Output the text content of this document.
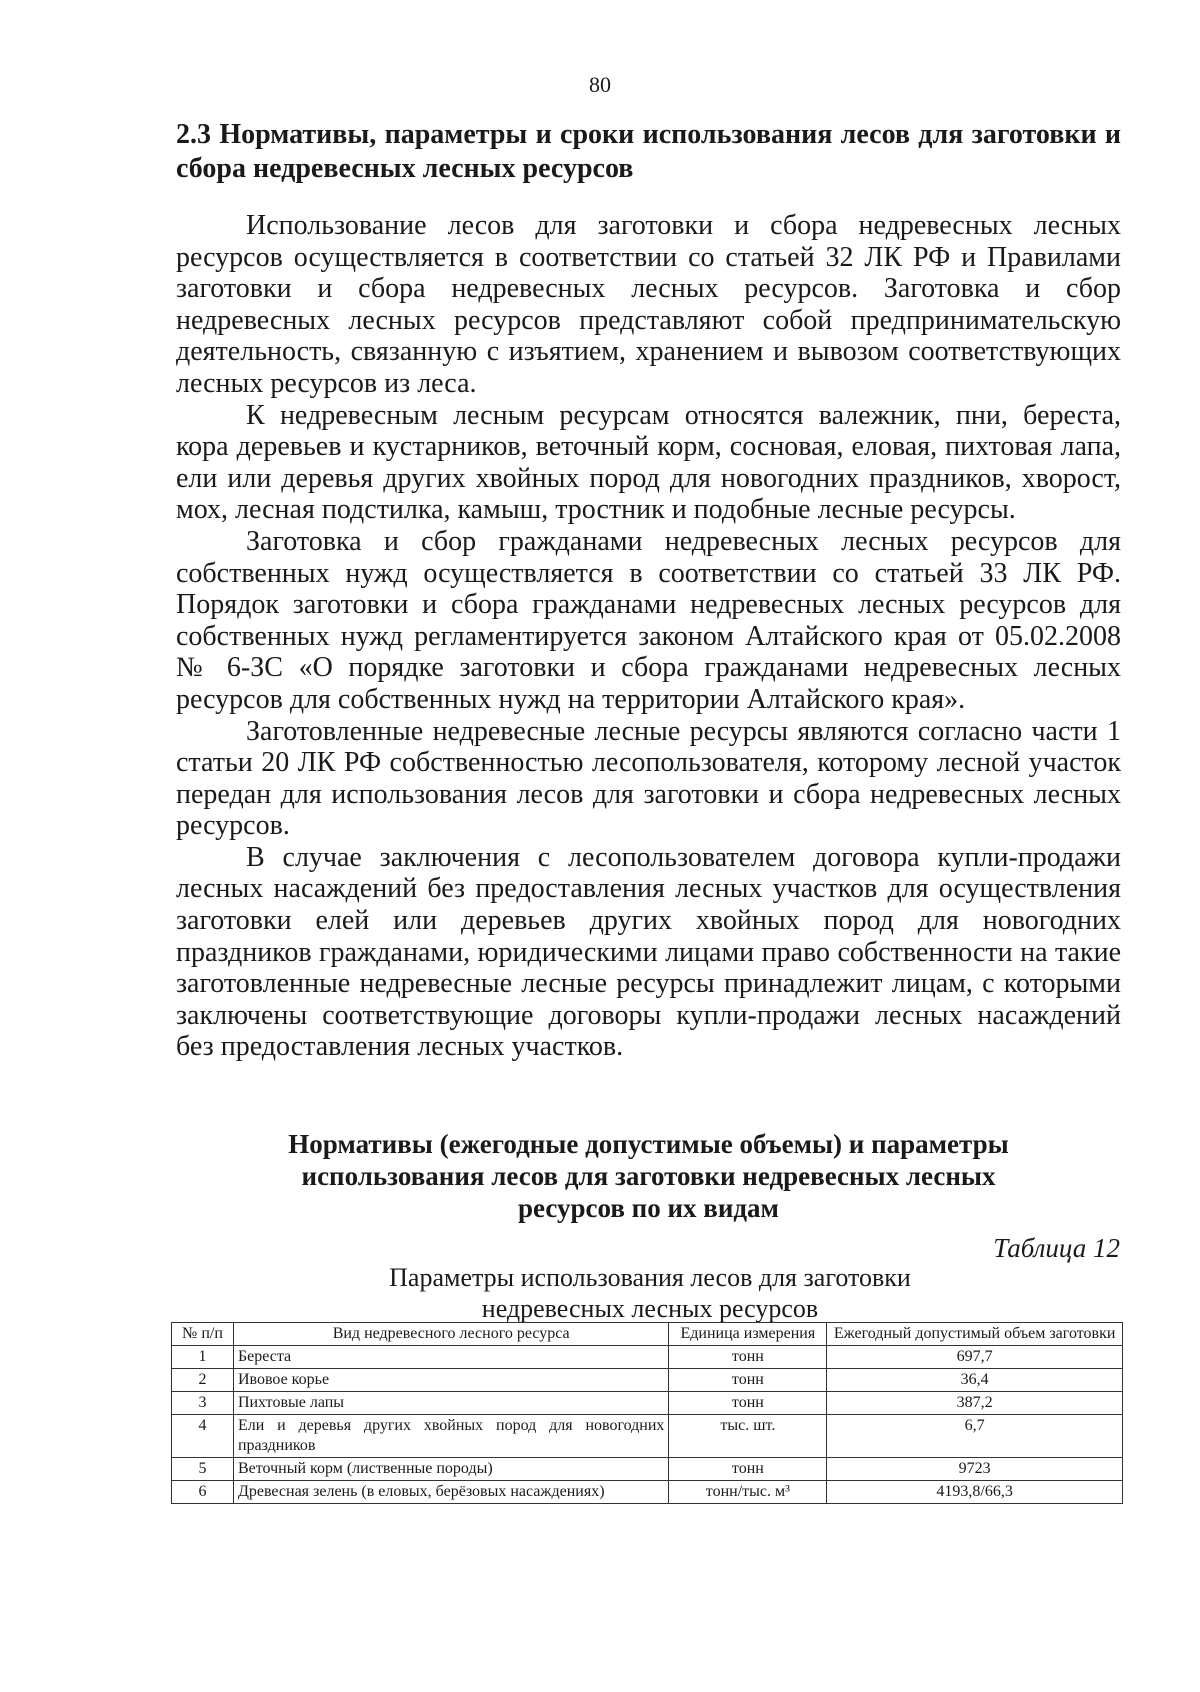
80
2.3 Нормативы, параметры и сроки использования лесов для заготовки и сбора недревесных лесных ресурсов

Использование лесов для заготовки и сбора недревесных лесных ресурсов осуществляется в соответствии со статьей 32 ЛК РФ и Правилами заготовки и сбора недревесных лесных ресурсов. Заготовка и сбор недревесных лесных ресурсов представляют собой предпринимательскую деятельность, связанную с изъятием, хранением и вывозом соответствующих лесных ресурсов из леса.

К недревесным лесным ресурсам относятся валежник, пни, береста, кора деревьев и кустарников, веточный корм, сосновая, еловая, пихтовая лапа, ели или деревья других хвойных пород для новогодних праздников, хворост, мох, лесная подстилка, камыш, тростник и подобные лесные ресурсы.

Заготовка и сбор гражданами недревесных лесных ресурсов для собственных нужд осуществляется в соответствии со статьей 33 ЛК РФ. Порядок заготовки и сбора гражданами недревесных лесных ресурсов для собственных нужд регламентируется законом Алтайского края от 05.02.2008 № 6-ЗС «О порядке заготовки и сбора гражданами недревесных лесных ресурсов для собственных нужд на территории Алтайского края».

Заготовленные недревесные лесные ресурсы являются согласно части 1 статьи 20 ЛК РФ собственностью лесопользователя, которому лесной участок передан для использования лесов для заготовки и сбора недревесных лесных ресурсов.

В случае заключения с лесопользователем договора купли-продажи лесных насаждений без предоставления лесных участков для осуществления заготовки елей или деревьев других хвойных пород для новогодних праздников гражданами, юридическими лицами право собственности на такие заготовленные недревесные лесные ресурсы принадлежит лицам, с которыми заключены соответствующие договоры купли-продажи лесных насаждений без предоставления лесных участков.

Нормативы (ежегодные допустимые объемы) и параметры
использования лесов для заготовки недревесных лесных
ресурсов по их видам
Таблица 12
Параметры использования лесов для заготовки
недревесных лесных ресурсов
№ п/п	Вид недревесного лесного ресурса	Единица измерения	Ежегодный допустимый объем заготовки
1	Береста	тонн	697,7
2	Ивовое корье	тонн	36,4
3	Пихтовые лапы	тонн	387,2
4	Ели и деревья других хвойных пород для новогодних праздников	тыс. шт.	6,7
5	Веточный корм (лиственные породы)	тонн	9723
6	Древесная зелень (в еловых, берёзовых насаждениях)	тонн/тыс. м³	4193,8/66,3
